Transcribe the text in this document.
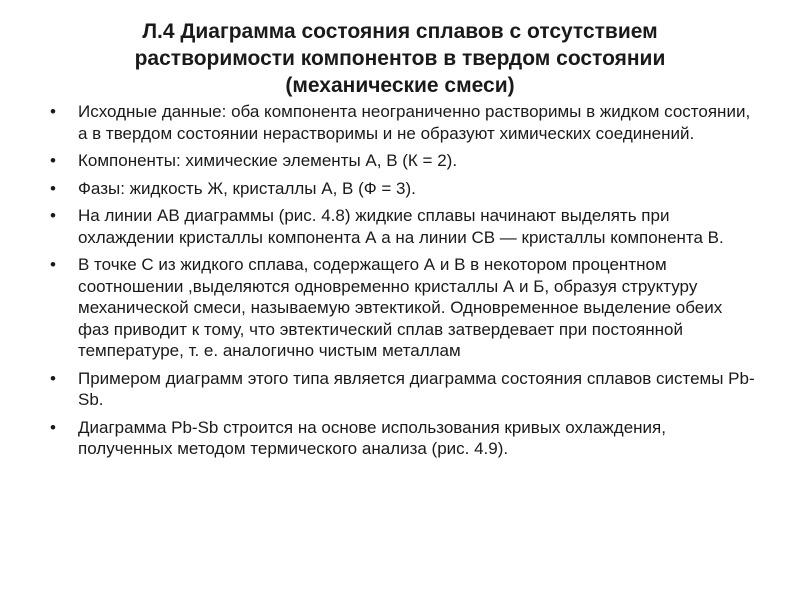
Л.4 Диаграмма состояния сплавов с отсутствием
растворимости компонентов в твердом состоянии
(механические смеси)
• Исходные данные: оба компонента неограниченно растворимы в жидком состоянии, а в твердом состоянии нерастворимы и не образуют химических соединений.
• Компоненты: химические элементы А, В (К = 2).
• Фазы: жидкость Ж, кристаллы А, В (Ф = 3).
• На линии АВ диаграммы (рис. 4.8) жидкие сплавы начинают выделять при охлаждении кристаллы компонента А а на линии СВ — кристаллы компонента В.
• В точке С из жидкого сплава, содержащего А и В в некотором процентном соотношении ,выделяются одновременно кристаллы А и Б, образуя структуру механической смеси, называемую эвтектикой. Одновременное выделение обеих фаз приводит к тому, что эвтектический сплав затвердевает при постоянной температуре, т. е. аналогично чистым металлам
• Примером диаграмм этого типа является диаграмма состояния сплавов системы Pb-Sb.
• Диаграмма Pb-Sb строится на основе использования кривых охлаждения, полученных методом термического анализа (рис. 4.9).
